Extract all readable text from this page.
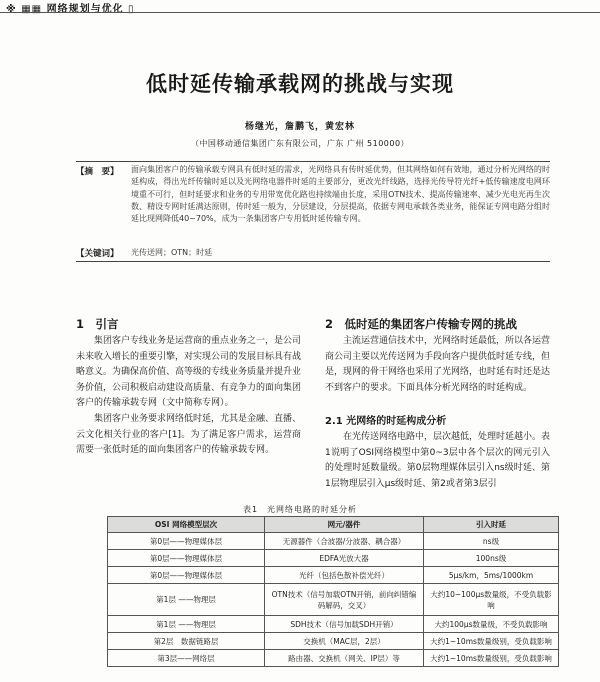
※ ▦▦ 网络规划与优化 ▯
低时延传输承载网的挑战与实现
杨继光，詹鹏飞，黄宏林
（中国移动通信集团广东有限公司，广东 广州 510000）
【摘　要】 面向集团客户的传输承载专网具有低时延的需求，光网络具有传时延优势，但其网络如何有效地，通过分析光网络的时延构成，得出光纤传输时延以及光网络电器件时延的主要部分，更改光纤线路，选择光传导符光纤+低传输速度电网环境重不可行，但时延要求和业务的专用带宽优化路也持续端由长度，采用OTN技术、提高传输速率、减少光电光再生次数、精设专网时延满达原则，传时延一般为，分层建设，分层提高，依据专网电承载各类业务，能保证专网电路分组时延比现网降低40~70%，成为一条集团客户专用低时延传输专网。
【关键词】 光传送网；OTN；时延
1　引言

集团客户专线业务是运营商的重点业务之一，是公司未来收入增长的重要引擎，对实现公司的发展目标具有战略意义。为确保高价值、高等级的专线业务质量并提升业务价值，公司积极启动建设高质量、有竞争力的面向集团客户的传输承载专网（文中简称专网）。

集团客户业务要求网络低时延，尤其是金融、直播、云文化相关行业的客户[1]。为了满足客户需求，运营商需要一张低时延的面向集团客户的传输承载专网。

2　低时延的集团客户传输专网的挑战

主流运营通信技术中，光网络时延最低，所以各运营商公司主要以光传送网为手段向客户提供低时延专线，但是，现网的骨干网络也采用了光网络，也时延有时还是达不到客户的要求。下面具体分析光网络的时延构成。

2.1 光网络的时延构成分析

在光传送网络电路中，层次越低，处理时延越小。表1说明了OSI网络模型中第0~3层中各个层次的网元引入的处理时延数量级。第0层物理媒体层引入ns级时延、第1层物理层引入μs级时延、第2或者第3层引

表1　光网络电路的时延分析
OSI 网络模型层次	网元/器件	引入时延
第0层——物理媒体层	无源器件（合波器/分波器、耦合器）	ns级
第0层——物理媒体层	EDFA光放大器	100ns级
第0层——物理媒体层	光纤（包括色散补偿光纤）	5μs/km，5ms/1000km
第1层 ——物理层	OTN技术（信号加载OTN开销，前向纠错编码解码，交叉）	大约10~100μs数量级，不受负载影响
第1层 ——物理层	SDH技术（信号加载SDH开销）	大约100μs数量级，不受负载影响
第2层　数据链路层	交换机（MAC层，2层）	大约1~10ms数量级别，受负载影响
第3层——网络层	路由器、交换机（网关、IP层）等	大约1~10ms数量级别，受负载影响
